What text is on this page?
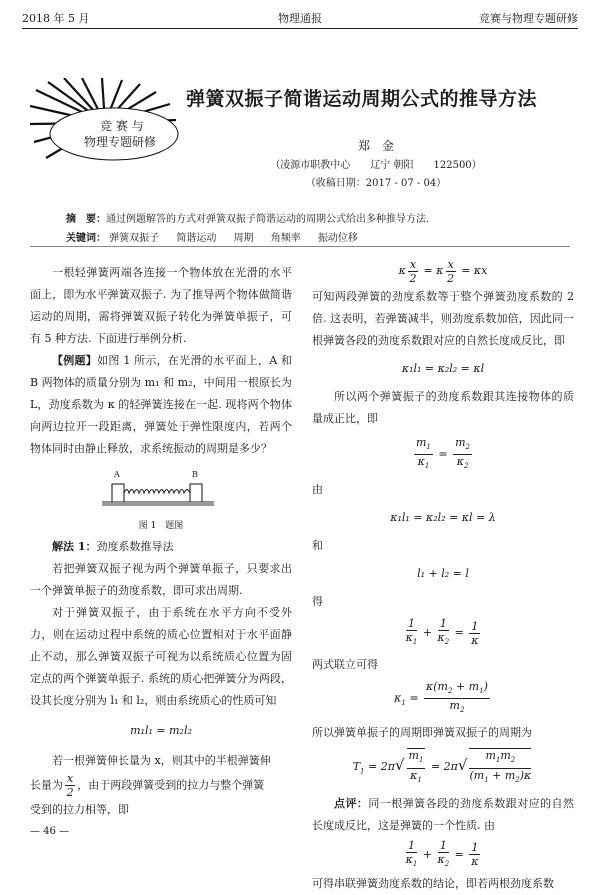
2018 年 5 月	物理通报	竞赛与物理专题研修
竞 赛 与
物理专题研修
弹簧双振子简谐运动周期公式的推导方法
郑　金
（凌源市职教中心　　辽宁 朝阳　　122500）
（收稿日期：2017 - 07 - 04）
摘　要：通过例题解答的方式对弹簧双振子简谐运动的周期公式给出多种推导方法.
关键词： 弹簧双振子 简谐运动 周期 角频率 振动位移

一根轻弹簧两端各连接一个物体放在光滑的水平面上，即为水平弹簧双振子. 为了推导两个物体做简谐运动的周期，需将弹簧双振子转化为弹簧单振子，可有 5 种方法. 下面进行举例分析.

【例题】如图 1 所示，在光滑的水平面上，A 和 B 两物体的质量分别为 m₁ 和 m₂，中间用一根原长为 L，劲度系数为 κ 的轻弹簧连接在一起. 现将两个物体向两边拉开一段距离，弹簧处于弹性限度内，若两个物体同时由静止释放，求系统振动的周期是多少？

A	B
图 1　题图

解法 1：劲度系数推导法

若把弹簧双振子视为两个弹簧单振子，只要求出一个弹簧单振子的劲度系数，即可求出周期.

对于弹簧双振子，由于系统在水平方向不受外力，则在运动过程中系统的质心位置相对于水平面静止不动，那么弹簧双振子可视为以系统质心位置为固定点的两个弹簧单振子. 系统的质心把弹簧分为两段，设其长度分别为 l₁ 和 l₂，则由系统质心的性质可知

m₁l₁ = m₂l₂

若一根弹簧伸长量为 x，则其中的半根弹簧伸

长量为 $\frac{x}{2}$ ，由于两段弹簧受到的拉力与整个弹簧

受到的拉力相等，即

κ $\frac{x}{2} = \kappa \frac{x}{2} = \kappa x$

可知两段弹簧的劲度系数等于整个弹簧劲度系数的 2 倍. 这表明，若弹簧减半，则劲度系数加倍，因此同一根弹簧各段的劲度系数跟对应的自然长度成反比，即

κ₁l₁ = κ₂l₂ = κl

所以两个弹簧振子的劲度系数跟其连接物体的质量成正比，即

$\frac{m_1}{\kappa_1} = \frac{m_2}{\kappa_2}$

由

κ₁l₁ = κ₂l₂ = κl = λ

和

l₁ + l₂ = l

得

$\frac{1}{\kappa_1} + \frac{1}{\kappa_2} = \frac{1}{\kappa}$

两式联立可得

$\kappa_1 = \frac{\kappa(m_2 + m_1)}{m_2}$

所以弹簧单振子的周期即弹簧双振子的周期为

$T_1 = 2\pi√ \frac{m_1}{\kappa_1} = 2\pi√ \frac{m_1m_2}{(m_1 + m_2)\kappa}$

点评：同一根弹簧各段的劲度系数跟对应的自然长度成反比，这是弹簧的一个性质. 由

$\frac{1}{\kappa_1} + \frac{1}{\kappa_2} = \frac{1}{\kappa}$

可得串联弹簧劲度系数的结论，即若两根劲度系数

— 46 —
